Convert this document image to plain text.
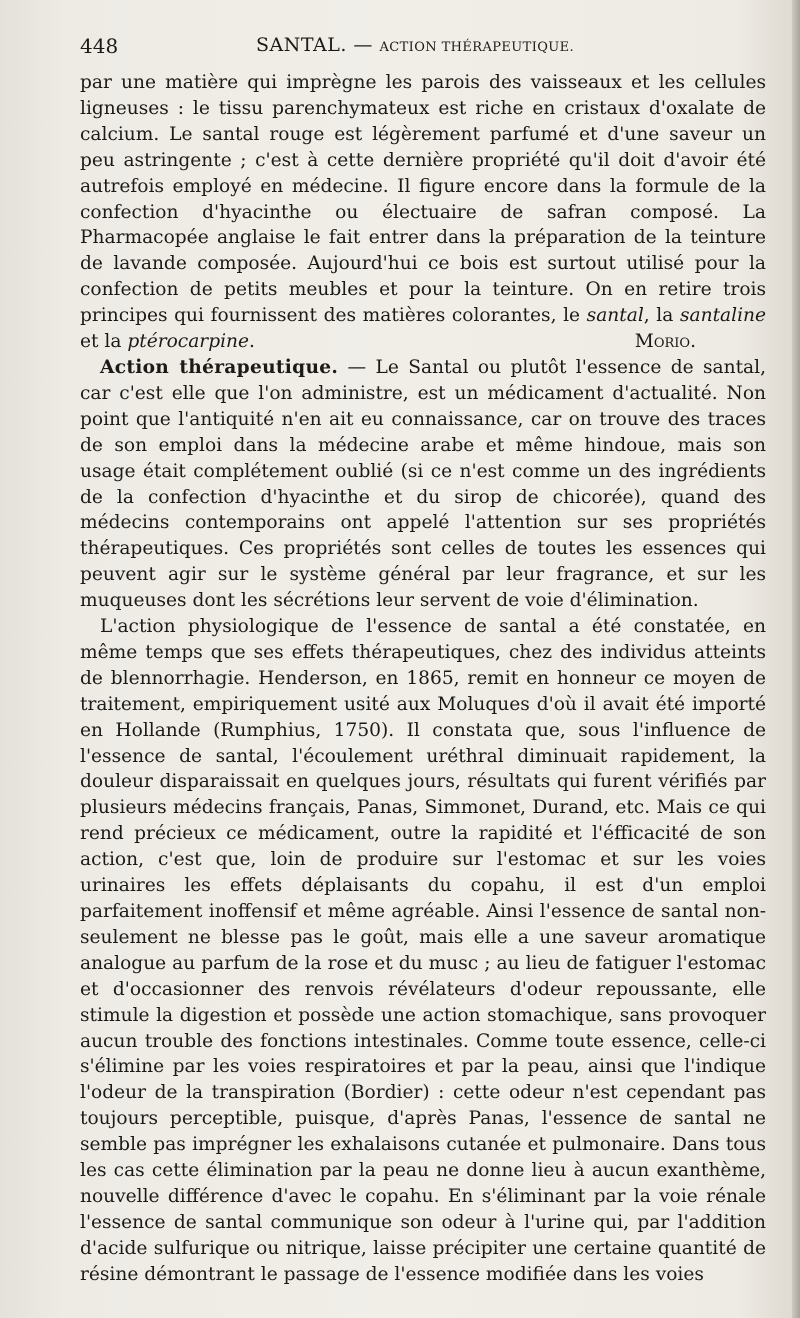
448	SANTAL. — ACTION THÉRAPEUTIQUE.

par une matière qui imprègne les parois des vaisseaux et les cellules ligneuses : le tissu parenchymateux est riche en cristaux d'oxalate de calcium. Le santal rouge est légèrement parfumé et d'une saveur un peu astringente ; c'est à cette dernière propriété qu'il doit d'avoir été autrefois employé en médecine. Il figure encore dans la formule de la confection d'hyacinthe ou électuaire de safran composé. La Pharmacopée anglaise le fait entrer dans la préparation de la teinture de lavande composée. Aujourd'hui ce bois est surtout utilisé pour la confection de petits meubles et pour la teinture. On en retire trois principes qui fournissent des matières colorantes, le santal, la santaline et la ptérocarpine.	Morio.

Action thérapeutique. — Le Santal ou plutôt l'essence de santal, car c'est elle que l'on administre, est un médicament d'actualité. Non point que l'antiquité n'en ait eu connaissance, car on trouve des traces de son emploi dans la médecine arabe et même hindoue, mais son usage était complétement oublié (si ce n'est comme un des ingrédients de la confection d'hyacinthe et du sirop de chicorée), quand des médecins contemporains ont appelé l'attention sur ses propriétés thérapeutiques. Ces propriétés sont celles de toutes les essences qui peuvent agir sur le système général par leur fragrance, et sur les muqueuses dont les sécrétions leur servent de voie d'élimination.

L'action physiologique de l'essence de santal a été constatée, en même temps que ses effets thérapeutiques, chez des individus atteints de blennorrhagie. Henderson, en 1865, remit en honneur ce moyen de traitement, empiriquement usité aux Moluques d'où il avait été importé en Hollande (Rumphius, 1750). Il constata que, sous l'influence de l'essence de santal, l'écoulement uréthral diminuait rapidement, la douleur disparaissait en quelques jours, résultats qui furent vérifiés par plusieurs médecins français, Panas, Simmonet, Durand, etc. Mais ce qui rend précieux ce médicament, outre la rapidité et l'éfficacité de son action, c'est que, loin de produire sur l'estomac et sur les voies urinaires les effets déplaisants du copahu, il est d'un emploi parfaitement inoffensif et même agréable. Ainsi l'essence de santal non-seulement ne blesse pas le goût, mais elle a une saveur aromatique analogue au parfum de la rose et du musc ; au lieu de fatiguer l'estomac et d'occasionner des renvois révélateurs d'odeur repoussante, elle stimule la digestion et possède une action stomachique, sans provoquer aucun trouble des fonctions intestinales. Comme toute essence, celle-ci s'élimine par les voies respiratoires et par la peau, ainsi que l'indique l'odeur de la transpiration (Bordier) : cette odeur n'est cependant pas toujours perceptible, puisque, d'après Panas, l'essence de santal ne semble pas imprégner les exhalaisons cutanée et pulmonaire. Dans tous les cas cette élimination par la peau ne donne lieu à aucun exanthème, nouvelle différence d'avec le copahu. En s'éliminant par la voie rénale l'essence de santal communique son odeur à l'urine qui, par l'addition d'acide sulfurique ou nitrique, laisse précipiter une certaine quantité de résine démontrant le passage de l'essence modifiée dans les voies
